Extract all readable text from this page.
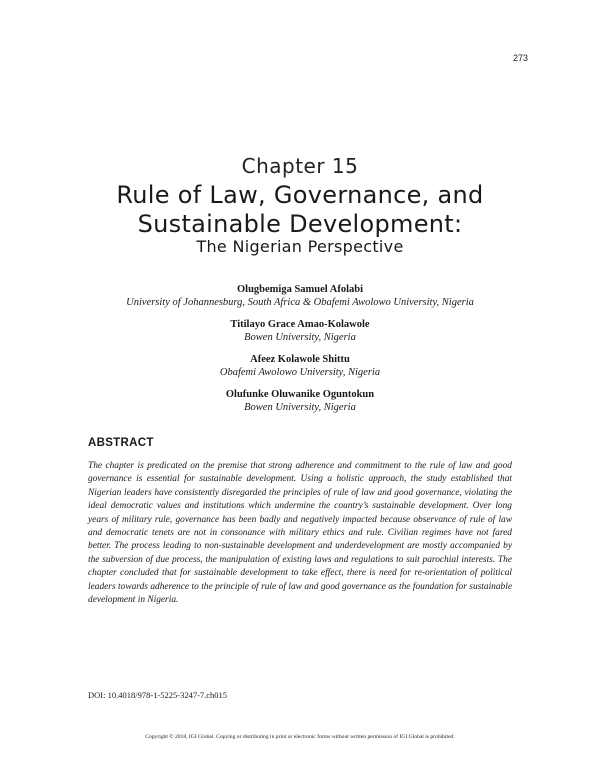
273
Chapter 15
Rule of Law, Governance, and
Sustainable Development:
The Nigerian Perspective
Olugbemiga Samuel Afolabi
University of Johannesburg, South Africa & Obafemi Awolowo University, Nigeria
Titilayo Grace Amao-Kolawole
Bowen University, Nigeria
Afeez Kolawole Shittu
Obafemi Awolowo University, Nigeria
Olufunke Oluwanike Oguntokun
Bowen University, Nigeria
ABSTRACT

The chapter is predicated on the premise that strong adherence and commitment to the rule of law and good governance is essential for sustainable development. Using a holistic approach, the study established that Nigerian leaders have consistently disregarded the principles of rule of law and good governance, violating the ideal democratic values and institutions which undermine the country’s sustainable development. Over long years of military rule, governance has been badly and negatively impacted because observance of rule of law and democratic tenets are not in consonance with military ethics and rule. Civilian regimes have not fared better. The process leading to non-sustainable development and underdevelopment are mostly accompanied by the subversion of due process, the manipulation of existing laws and regulations to suit parochial interests. The chapter concluded that for sustainable development to take effect, there is need for re-orientation of political leaders towards adherence to the principle of rule of law and good governance as the foundation for sustainable development in Nigeria.

DOI: 10.4018/978-1-5225-3247-7.ch015
Copyright © 2018, IGI Global. Copying or distributing in print or electronic forms without written permission of IGI Global is prohibited.
